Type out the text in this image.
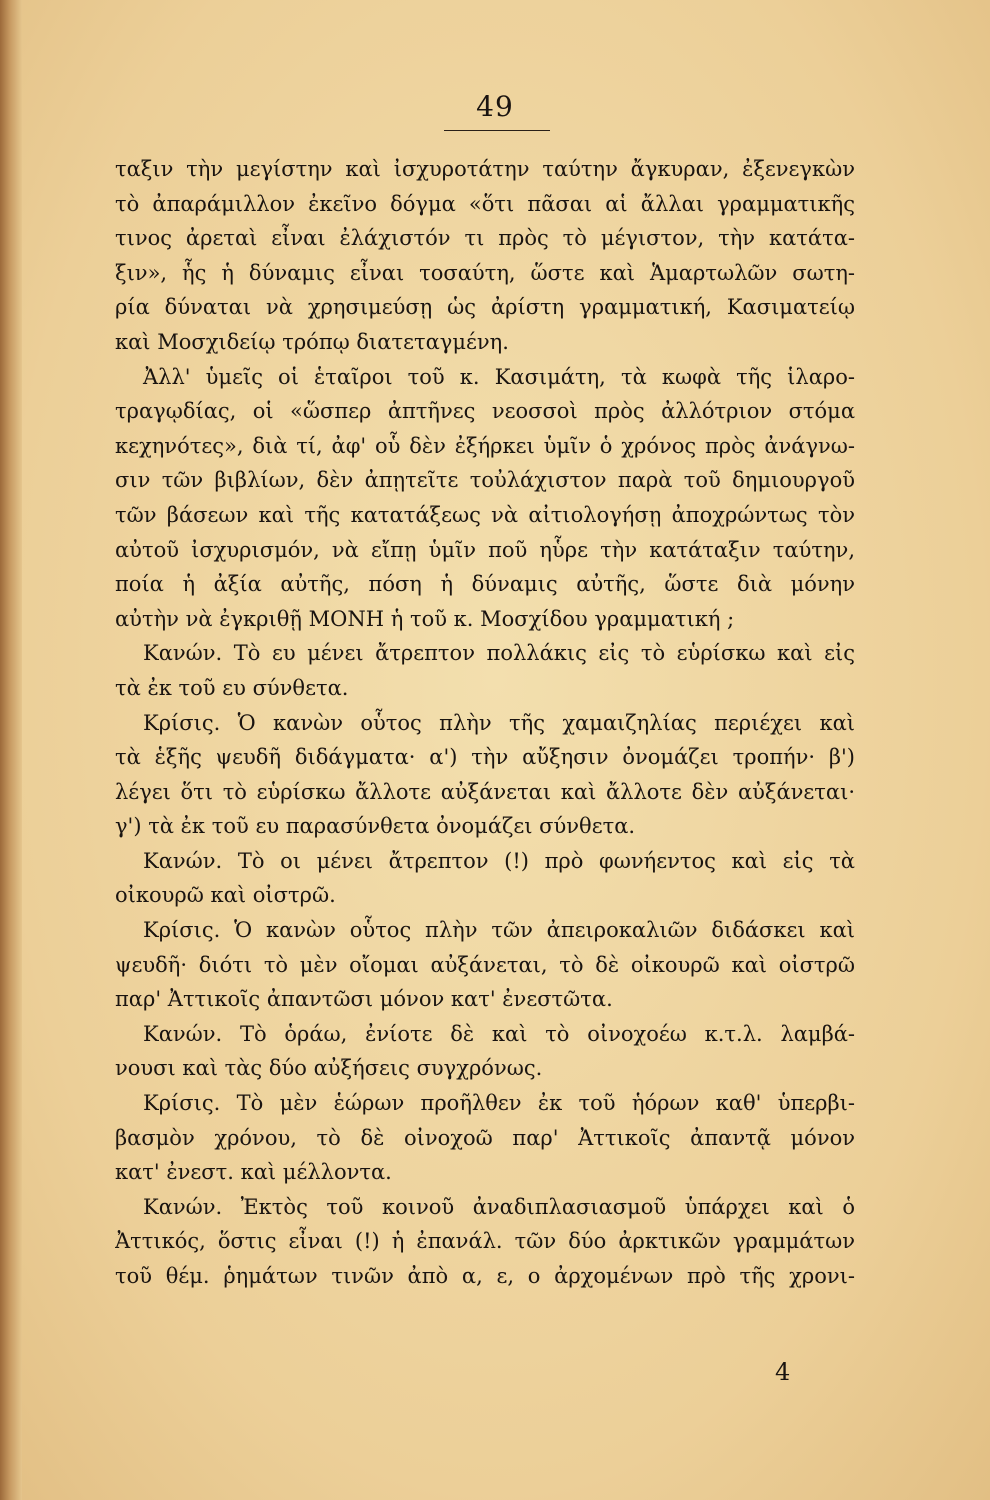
49
ταξιν τὴν μεγίστην καὶ ἰσχυροτάτην ταύτην ἄγκυραν, ἐξενεγκὼν
τὸ ἀπαράμιλλον ἐκεῖνο δόγμα «ὅτι πᾶσαι αἱ ἄλλαι γραμματικῆς
τινος ἀρεταὶ εἶναι ἐλάχιστόν τι πρὸς τὸ μέγιστον, τὴν κατάτα-
ξιν», ἧς ἡ δύναμις εἶναι τοσαύτη, ὥστε καὶ Ἁμαρτωλῶν σωτη-
ρία δύναται νὰ χρησιμεύσῃ ὡς ἀρίστη γραμματική, Κασιματείῳ
καὶ Μοσχιδείῳ τρόπῳ διατεταγμένη.
Ἀλλ' ὑμεῖς οἱ ἑταῖροι τοῦ κ. Κασιμάτη, τὰ κωφὰ τῆς ἱλαρο-
τραγῳδίας, οἱ «ὥσπερ ἀπτῆνες νεοσσοὶ πρὸς ἀλλότριον στόμα
κεχηνότες», διὰ τί, ἀφ' οὗ δὲν ἐξήρκει ὑμῖν ὁ χρόνος πρὸς ἀνάγνω-
σιν τῶν βιβλίων, δὲν ἀπῃτεῖτε τοὐλάχιστον παρὰ τοῦ δημιουργοῦ
τῶν βάσεων καὶ τῆς κατατάξεως νὰ αἰτιολογήσῃ ἀποχρώντως τὸν
αὐτοῦ ἰσχυρισμόν, νὰ εἴπῃ ὑμῖν ποῦ ηὗρε τὴν κατάταξιν ταύτην,
ποία ἡ ἀξία αὐτῆς, πόση ἡ δύναμις αὐτῆς, ὥστε διὰ μόνην
αὐτὴν νὰ ἐγκριθῇ ΜΟΝΗ ἡ τοῦ κ. Μοσχίδου γραμματική ;
Κανών. Τὸ ευ μένει ἄτρεπτον πολλάκις εἰς τὸ εὑρίσκω καὶ εἰς
τὰ ἐκ τοῦ ευ σύνθετα.
Κρίσις. Ὁ κανὼν οὗτος πλὴν τῆς χαμαιζηλίας περιέχει καὶ
τὰ ἑξῆς ψευδῆ διδάγματα· α') τὴν αὔξησιν ὀνομάζει τροπήν· β')
λέγει ὅτι τὸ εὑρίσκω ἄλλοτε αὐξάνεται καὶ ἄλλοτε δὲν αὐξάνεται·
γ') τὰ ἐκ τοῦ ευ παρασύνθετα ὀνομάζει σύνθετα.
Κανών. Τὸ οι μένει ἄτρεπτον (!) πρὸ φωνήεντος καὶ εἰς τὰ
οἰκουρῶ καὶ οἰστρῶ.
Κρίσις. Ὁ κανὼν οὗτος πλὴν τῶν ἀπειροκαλιῶν διδάσκει καὶ
ψευδῆ· διότι τὸ μὲν οἴομαι αὐξάνεται, τὸ δὲ οἰκουρῶ καὶ οἰστρῶ
παρ' Ἀττικοῖς ἀπαντῶσι μόνον κατ' ἐνεστῶτα.
Κανών. Τὸ ὁράω, ἐνίοτε δὲ καὶ τὸ οἰνοχοέω κ.τ.λ. λαμβά-
νουσι καὶ τὰς δύο αὐξήσεις συγχρόνως.
Κρίσις. Τὸ μὲν ἑώρων προῆλθεν ἐκ τοῦ ἡόρων καθ' ὑπερβι-
βασμὸν χρόνου, τὸ δὲ οἰνοχοῶ παρ' Ἀττικοῖς ἀπαντᾷ μόνον
κατ' ἐνεστ. καὶ μέλλοντα.
Κανών. Ἐκτὸς τοῦ κοινοῦ ἀναδιπλασιασμοῦ ὑπάρχει καὶ ὁ
Ἀττικός, ὅστις εἶναι (!) ἡ ἐπανάλ. τῶν δύο ἀρκτικῶν γραμμάτων
τοῦ θέμ. ῥημάτων τινῶν ἀπὸ α, ε, ο ἀρχομένων πρὸ τῆς χρονι-
4
